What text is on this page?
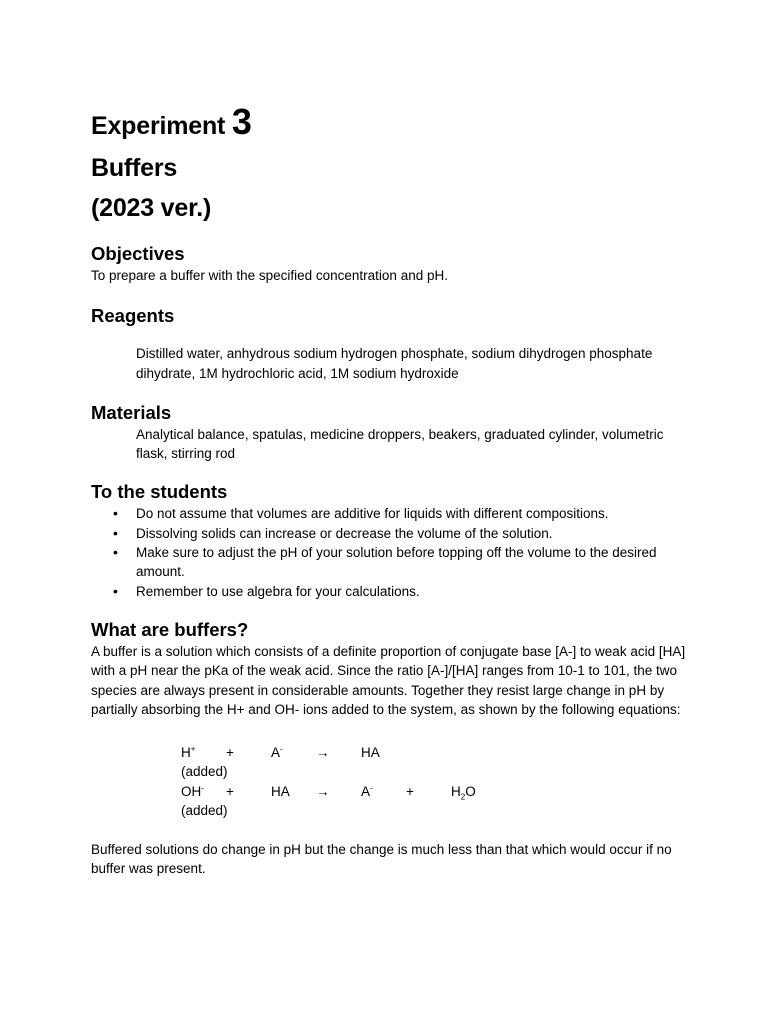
Experiment 3
Buffers
(2023 ver.)
Objectives

To prepare a buffer with the specified concentration and pH.

Reagents

Distilled water, anhydrous sodium hydrogen phosphate, sodium dihydrogen phosphate dihydrate, 1M hydrochloric acid, 1M sodium hydroxide

Materials

Analytical balance, spatulas, medicine droppers, beakers, graduated cylinder, volumetric flask, stirring rod

To the students
• Do not assume that volumes are additive for liquids with different compositions.
• Dissolving solids can increase or decrease the volume of the solution.
• Make sure to adjust the pH of your solution before topping off the volume to the desired amount.
• Remember to use algebra for your calculations.
What are buffers?

A buffer is a solution which consists of a definite proportion of conjugate base [A-] to weak acid [HA] with a pH near the pKa of the weak acid. Since the ratio [A-]/[HA] ranges from 10-1 to 101, the two species are always present in considerable amounts. Together they resist large change in pH by partially absorbing the H+ and OH- ions added to the system, as shown by the following equations:

H+ +	A- → HA
(added)
OH- +	HA → A- +	$H_2O$
(added)

Buffered solutions do change in pH but the change is much less than that which would occur if no buffer was present.
